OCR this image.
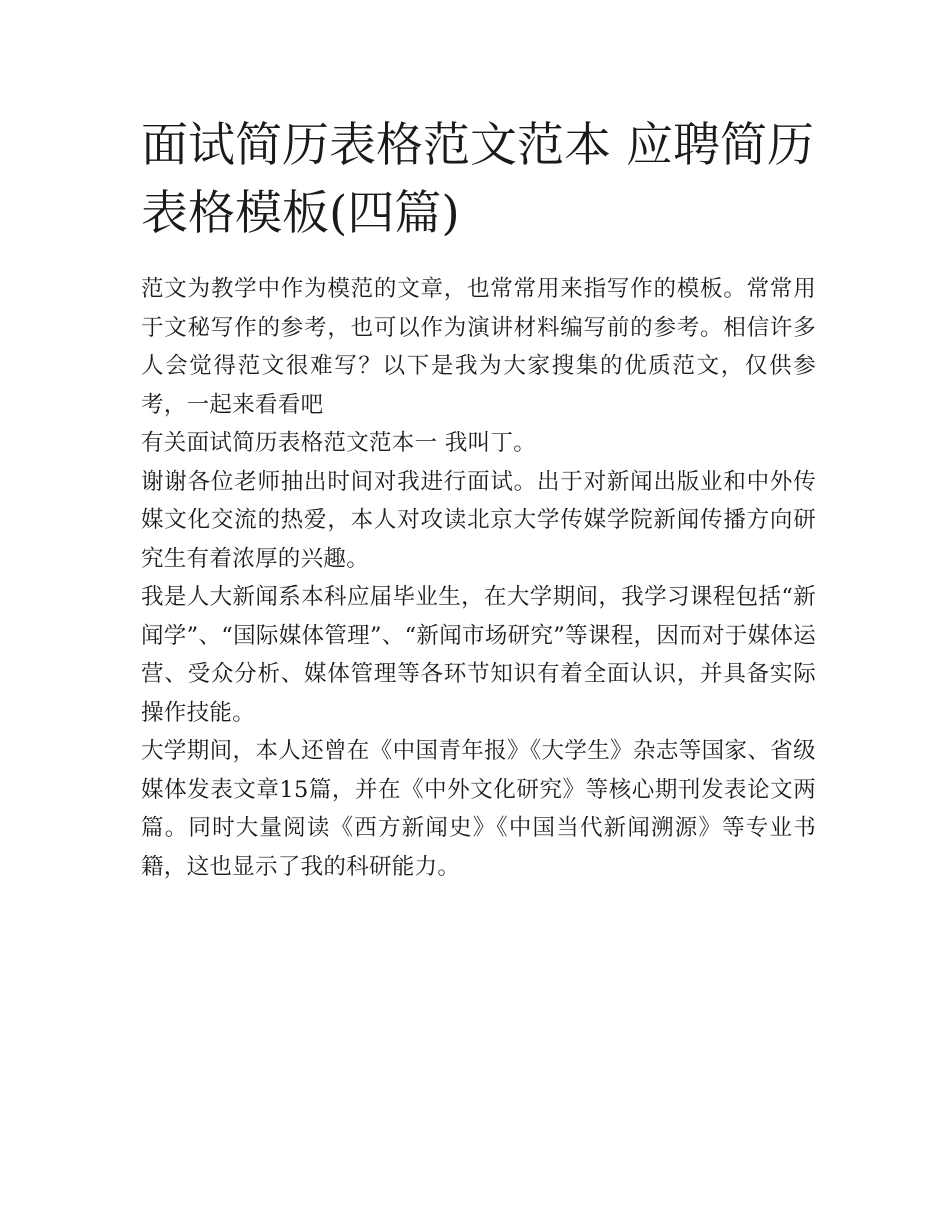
面试简历表格范文范本 应聘简历表格模板(四篇)

范文为教学中作为模范的文章，也常常用来指写作的模板。常常用于文秘写作的参考，也可以作为演讲材料编写前的参考。相信许多人会觉得范文很难写？以下是我为大家搜集的优质范文，仅供参考，一起来看看吧

有关面试简历表格范文范本一 我叫丁。

谢谢各位老师抽出时间对我进行面试。出于对新闻出版业和中外传媒文化交流的热爱，本人对攻读北京大学传媒学院新闻传播方向研究生有着浓厚的兴趣。

我是人大新闻系本科应届毕业生，在大学期间，我学习课程包括“新闻学”、“国际媒体管理”、“新闻市场研究”等课程，因而对于媒体运营、受众分析、媒体管理等各环节知识有着全面认识，并具备实际操作技能。

大学期间，本人还曾在《中国青年报》《大学生》杂志等国家、省级媒体发表文章15篇，并在《中外文化研究》等核心期刊发表论文两篇。同时大量阅读《西方新闻史》《中国当代新闻溯源》等专业书籍，这也显示了我的科研能力。
